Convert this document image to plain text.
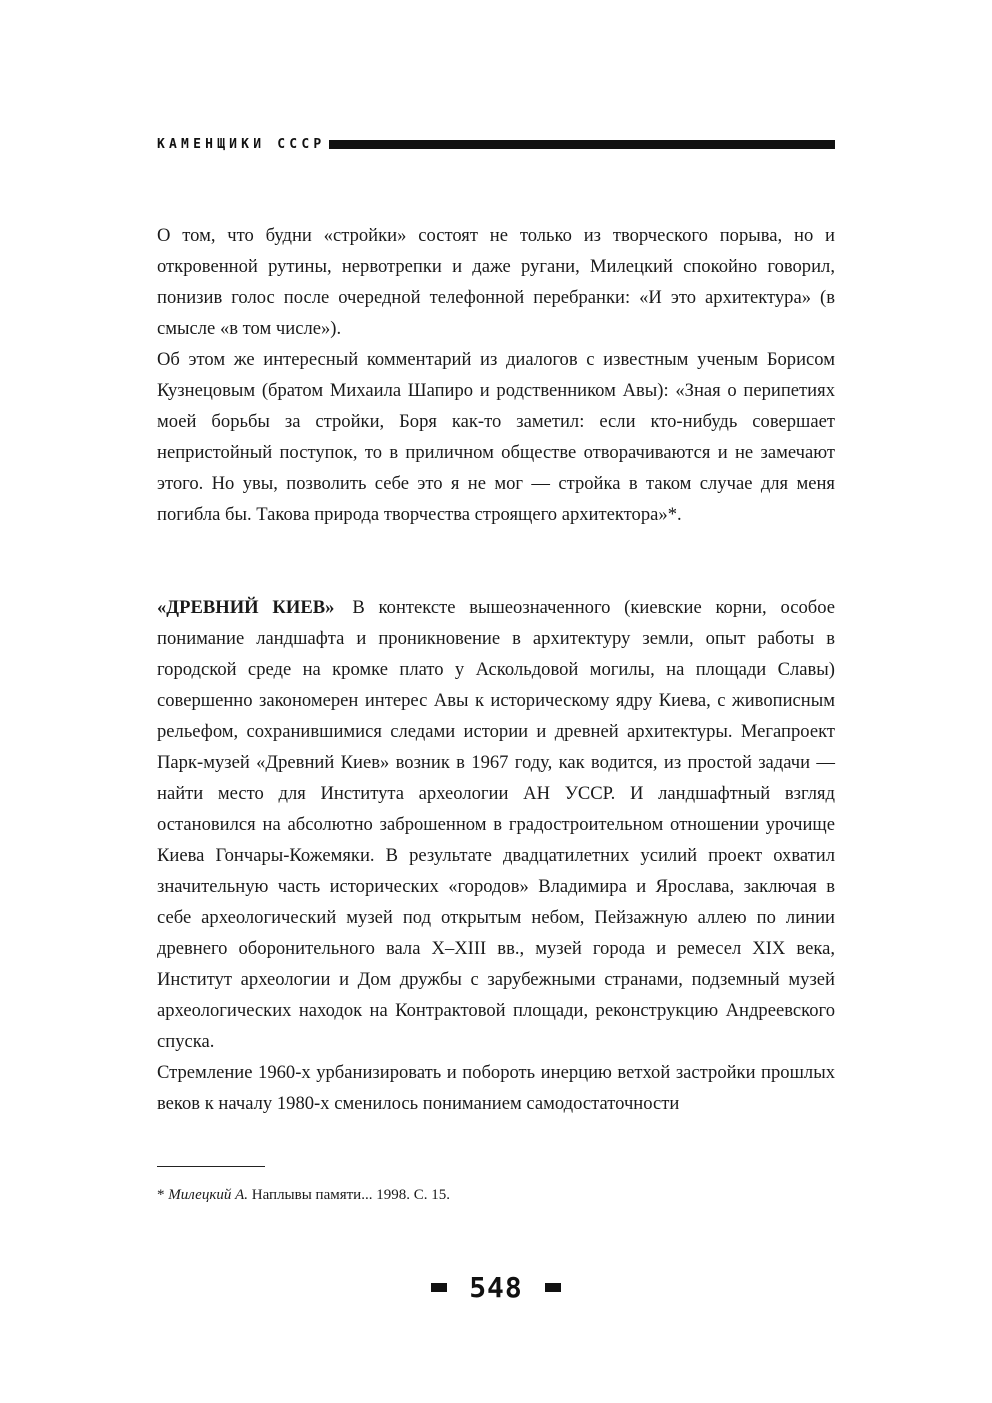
КАМЕНЩИКИ СССР

О том, что будни «стройки» состоят не только из творческого порыва, но и откровенной рутины, нервотрепки и даже ругани, Милецкий спокойно говорил, понизив голос после очередной телефонной перебранки: «И это архитектура» (в смысле «в том числе»).

Об этом же интересный комментарий из диалогов с известным ученым Борисом Кузнецовым (братом Михаила Шапиро и родственником Авы): «Зная о перипетиях моей борьбы за стройки, Боря как-то заметил: если кто-нибудь совершает непристойный поступок, то в приличном обществе отворачиваются и не замечают этого. Но увы, позволить себе это я не мог — стройка в таком случае для меня погибла бы. Такова природа творчества строящего архитектора»*.

«ДРЕВНИЙ КИЕВ» В контексте вышеозначенного (киевские корни, особое понимание ландшафта и проникновение в архитектуру земли, опыт работы в городской среде на кромке плато у Аскольдовой могилы, на площади Славы) совершенно закономерен интерес Авы к историческому ядру Киева, с живописным рельефом, сохранившимися следами истории и древней архитектуры. Мегапроект Парк-музей «Древний Киев» возник в 1967 году, как водится, из простой задачи — найти место для Института археологии АН УССР. И ландшафтный взгляд остановился на абсолютно заброшенном в градостроительном отношении урочище Киева Гончары-Кожемяки. В результате двадцатилетних усилий проект охватил значительную часть исторических «городов» Владимира и Ярослава, заключая в себе археологический музей под открытым небом, Пейзажную аллею по линии древнего оборонительного вала X–XIII вв., музей города и ремесел XIX века, Институт археологии и Дом дружбы с зарубежными странами, подземный музей археологических находок на Контрактовой площади, реконструкцию Андреевского спуска.

Стремление 1960-х урбанизировать и побороть инерцию ветхой застройки прошлых веков к началу 1980-х сменилось пониманием самодостаточности

* Милецкий А. Наплывы памяти... 1998. С. 15.
548
